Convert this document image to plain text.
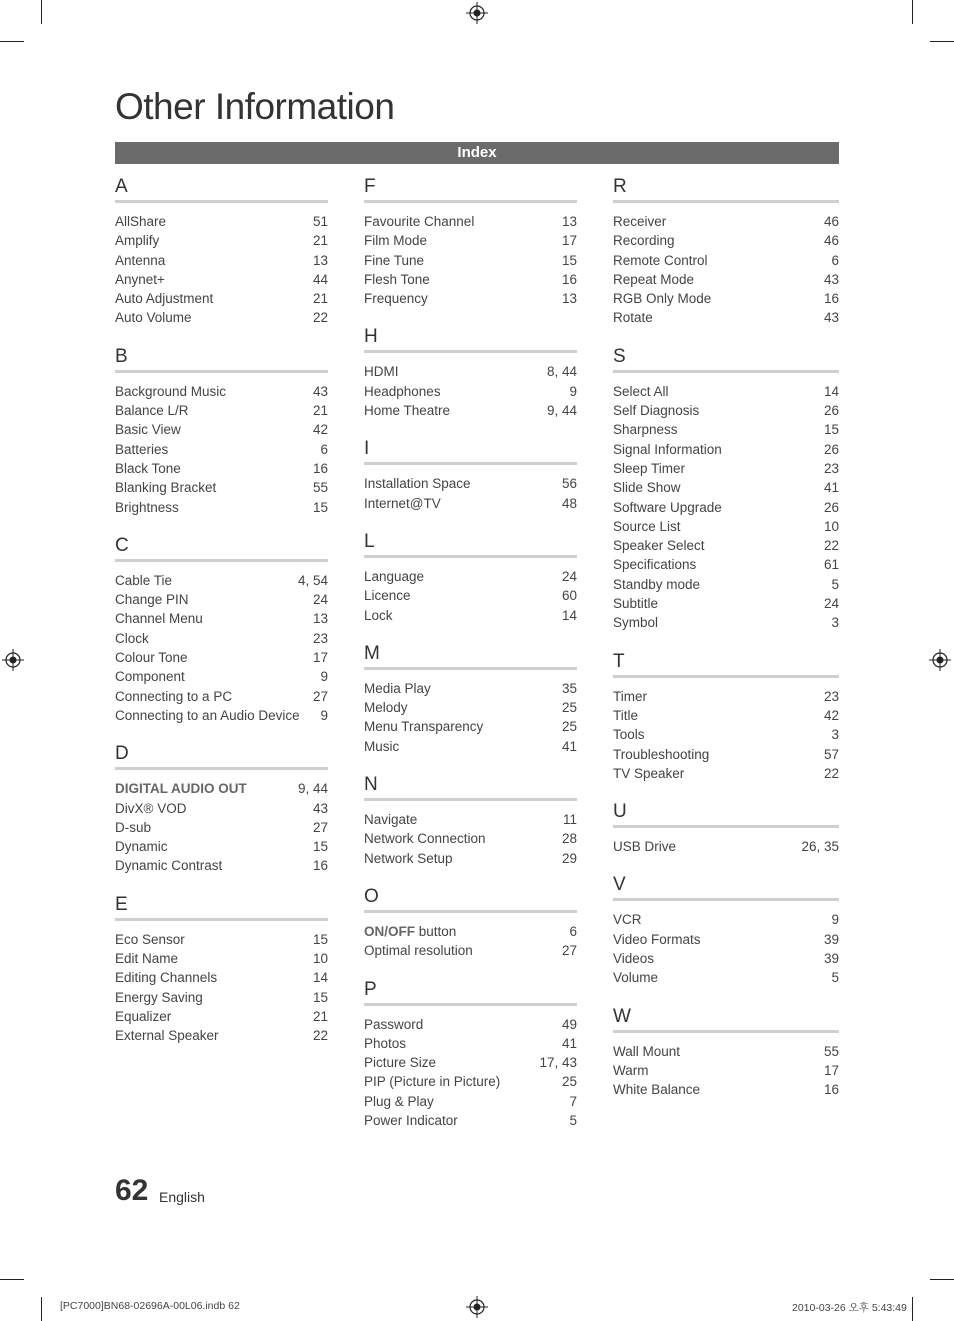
Other Information
Index
A
AllShare	51
Amplify	21
Antenna	13
Anynet+	44
Auto Adjustment	21
Auto Volume	22
B
Background Music	43
Balance L/R	21
Basic View	42
Batteries	6
Black Tone	16
Blanking Bracket	55
Brightness	15
C
Cable Tie	4, 54
Change PIN	24
Channel Menu	13
Clock	23
Colour Tone	17
Component	9
Connecting to a PC	27
Connecting to an Audio Device	9
D
DIGITAL AUDIO OUT	9, 44
DivX® VOD	43
D-sub	27
Dynamic	15
Dynamic Contrast	16
E
Eco Sensor	15
Edit Name	10
Editing Channels	14
Energy Saving	15
Equalizer	21
External Speaker	22
F
Favourite Channel	13
Film Mode	17
Fine Tune	15
Flesh Tone	16
Frequency	13
H
HDMI	8, 44
Headphones	9
Home Theatre	9, 44
I
Installation Space	56
Internet@TV	48
L
Language	24
Licence	60
Lock	14
M
Media Play	35
Melody	25
Menu Transparency	25
Music	41
N
Navigate	11
Network Connection	28
Network Setup	29
O
ON/OFF button	6
Optimal resolution	27
P
Password	49
Photos	41
Picture Size	17, 43
PIP (Picture in Picture)	25
Plug & Play	7
Power Indicator	5
R
Receiver	46
Recording	46
Remote Control	6
Repeat Mode	43
RGB Only Mode	16
Rotate	43
S
Select All	14
Self Diagnosis	26
Sharpness	15
Signal Information	26
Sleep Timer	23
Slide Show	41
Software Upgrade	26
Source List	10
Speaker Select	22
Specifications	61
Standby mode	5
Subtitle	24
Symbol	3
T
Timer	23
Title	42
Tools	3
Troubleshooting	57
TV Speaker	22
U
USB Drive	26, 35
V
VCR	9
Video Formats	39
Videos	39
Volume	5
W
Wall Mount	55
Warm	17
White Balance	16
62 English
[PC7000]BN68-02696A-00L06.indb 62	2010-03-26 오후 5:43:49
